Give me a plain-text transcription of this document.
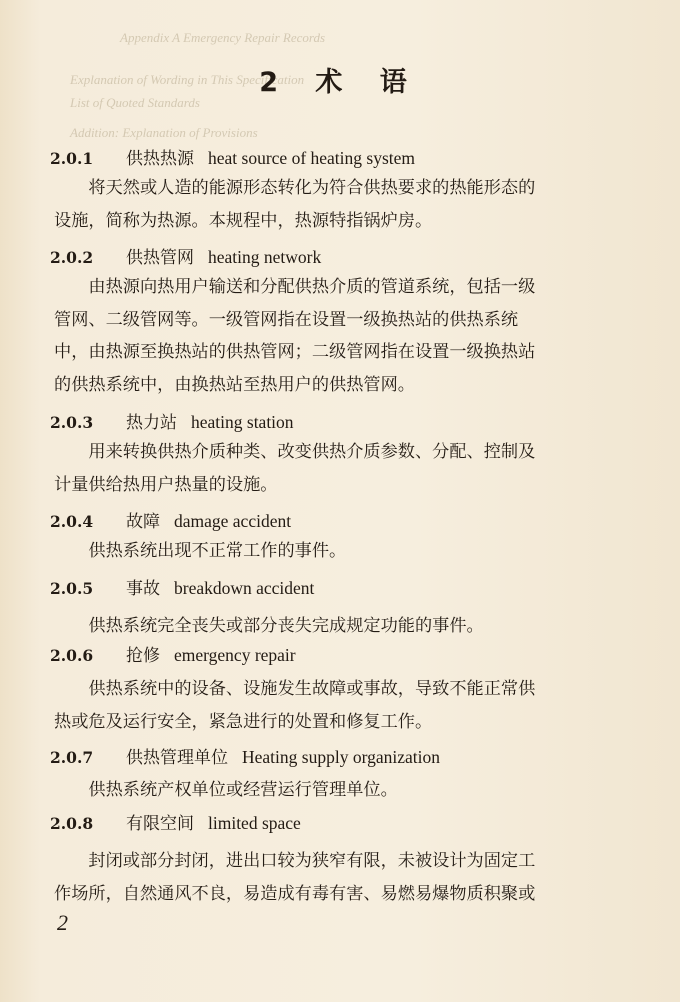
Appendix A Emergency Repair Records
Explanation of Wording in This Specification
List of Quoted Standards
Addition: Explanation of Provisions
2 术 语
2.0.1 供热热源 heat source of heating system
将天然或人造的能源形态转化为符合供热要求的热能形态的
设施，简称为热源。本规程中，热源特指锅炉房。
2.0.2 供热管网 heating network
由热源向热用户输送和分配供热介质的管道系统，包括一级
管网、二级管网等。一级管网指在设置一级换热站的供热系统
中，由热源至换热站的供热管网；二级管网指在设置一级换热站
的供热系统中，由换热站至热用户的供热管网。
2.0.3 热力站 heating station
用来转换供热介质种类、改变供热介质参数、分配、控制及
计量供给热用户热量的设施。
2.0.4 故障 damage accident
供热系统出现不正常工作的事件。
2.0.5 事故 breakdown accident
供热系统完全丧失或部分丧失完成规定功能的事件。
2.0.6 抢修 emergency repair
供热系统中的设备、设施发生故障或事故，导致不能正常供
热或危及运行安全，紧急进行的处置和修复工作。
2.0.7 供热管理单位 Heating supply organization
供热系统产权单位或经营运行管理单位。
2.0.8 有限空间 limited space
封闭或部分封闭，进出口较为狭窄有限，未被设计为固定工
作场所，自然通风不良，易造成有毒有害、易燃易爆物质积聚或
2
